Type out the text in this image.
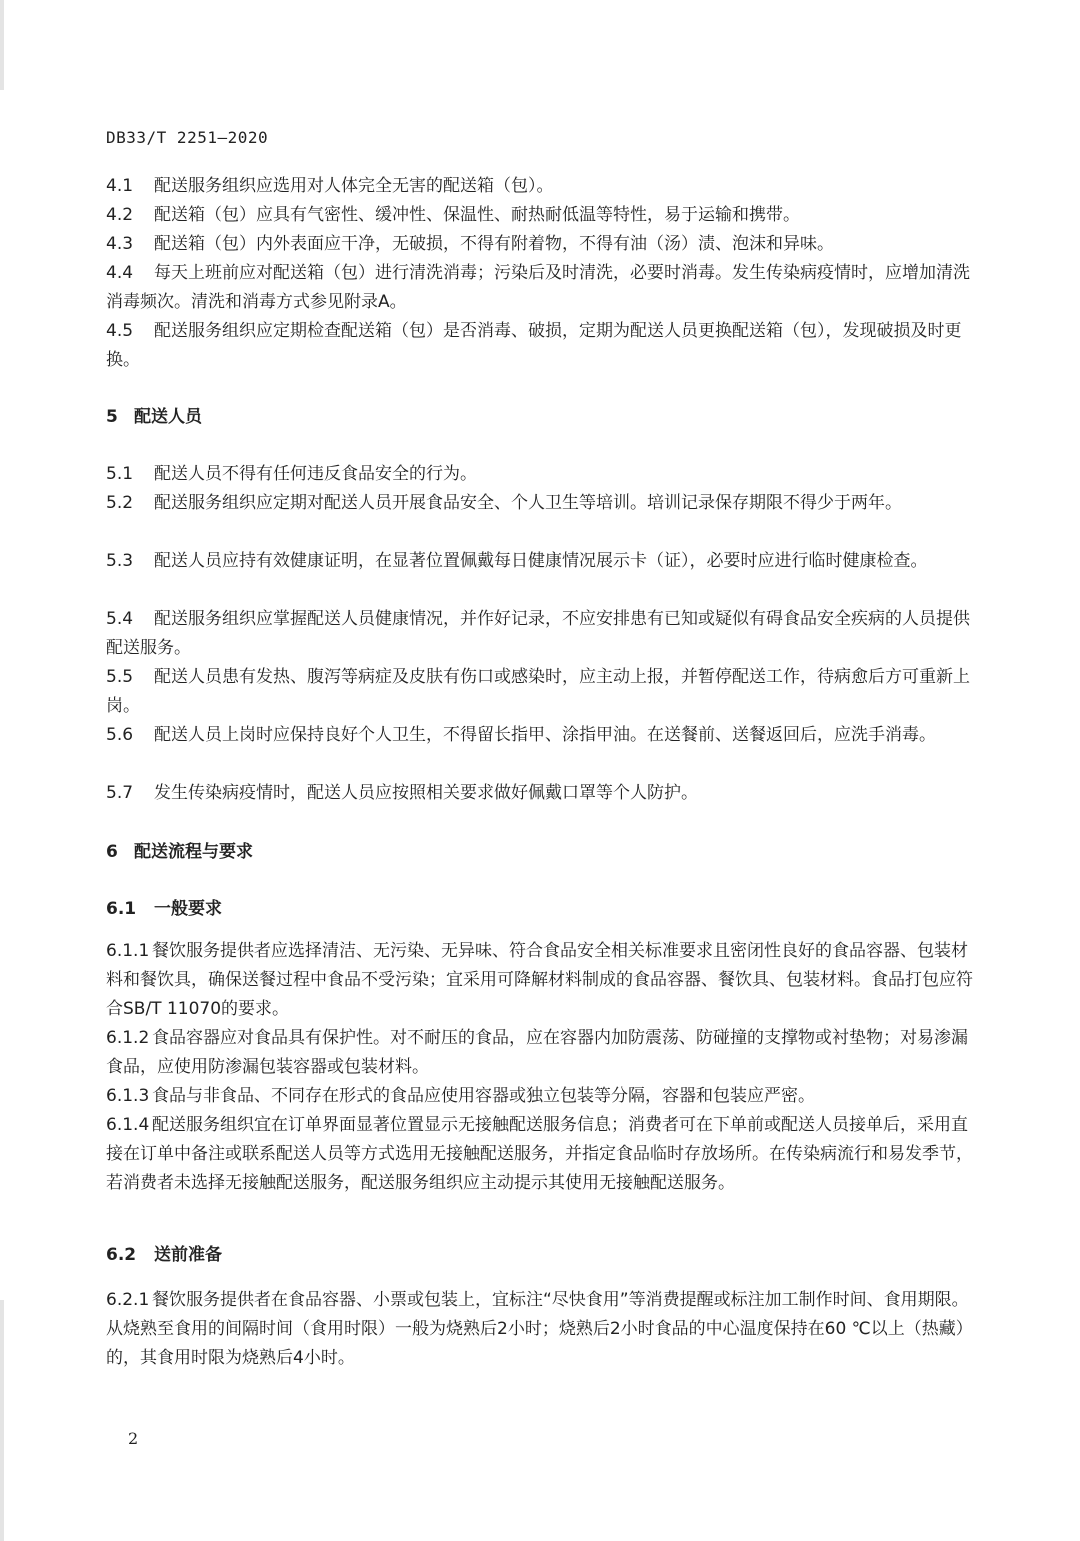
DB33/T 2251—2020
4.1 配送服务组织应选用对人体完全无害的配送箱（包）。
4.2 配送箱（包）应具有气密性、缓冲性、保温性、耐热耐低温等特性，易于运输和携带。
4.3 配送箱（包）内外表面应干净，无破损，不得有附着物，不得有油（汤）渍、泡沫和异味。
4.4 每天上班前应对配送箱（包）进行清洗消毒；污染后及时清洗，必要时消毒。发生传染病疫情时，应增加清洗消毒频次。清洗和消毒方式参见附录A。
4.5 配送服务组织应定期检查配送箱（包）是否消毒、破损，定期为配送人员更换配送箱（包），发现破损及时更换。
5 配送人员
5.1 配送人员不得有任何违反食品安全的行为。
5.2 配送服务组织应定期对配送人员开展食品安全、个人卫生等培训。培训记录保存期限不得少于两年。
5.3 配送人员应持有效健康证明，在显著位置佩戴每日健康情况展示卡（证），必要时应进行临时健康检查。
5.4 配送服务组织应掌握配送人员健康情况，并作好记录，不应安排患有已知或疑似有碍食品安全疾病的人员提供配送服务。
5.5 配送人员患有发热、腹泻等病症及皮肤有伤口或感染时，应主动上报，并暂停配送工作，待病愈后方可重新上岗。
5.6 配送人员上岗时应保持良好个人卫生，不得留长指甲、涂指甲油。在送餐前、送餐返回后，应洗手消毒。
5.7 发生传染病疫情时，配送人员应按照相关要求做好佩戴口罩等个人防护。
6 配送流程与要求
6.1 一般要求
6.1.1 餐饮服务提供者应选择清洁、无污染、无异味、符合食品安全相关标准要求且密闭性良好的食品容器、包装材料和餐饮具，确保送餐过程中食品不受污染；宜采用可降解材料制成的食品容器、餐饮具、包装材料。食品打包应符合SB/T 11070的要求。
6.1.2 食品容器应对食品具有保护性。对不耐压的食品，应在容器内加防震荡、防碰撞的支撑物或衬垫物；对易渗漏食品，应使用防渗漏包装容器或包装材料。
6.1.3 食品与非食品、不同存在形式的食品应使用容器或独立包装等分隔，容器和包装应严密。
6.1.4 配送服务组织宜在订单界面显著位置显示无接触配送服务信息；消费者可在下单前或配送人员接单后，采用直接在订单中备注或联系配送人员等方式选用无接触配送服务，并指定食品临时存放场所。在传染病流行和易发季节，若消费者未选择无接触配送服务，配送服务组织应主动提示其使用无接触配送服务。
6.2 送前准备
6.2.1 餐饮服务提供者在食品容器、小票或包装上，宜标注“尽快食用”等消费提醒或标注加工制作时间、食用期限。从烧熟至食用的间隔时间（食用时限）一般为烧熟后2小时；烧熟后2小时食品的中心温度保持在60 ℃以上（热藏）的，其食用时限为烧熟后4小时。
2
